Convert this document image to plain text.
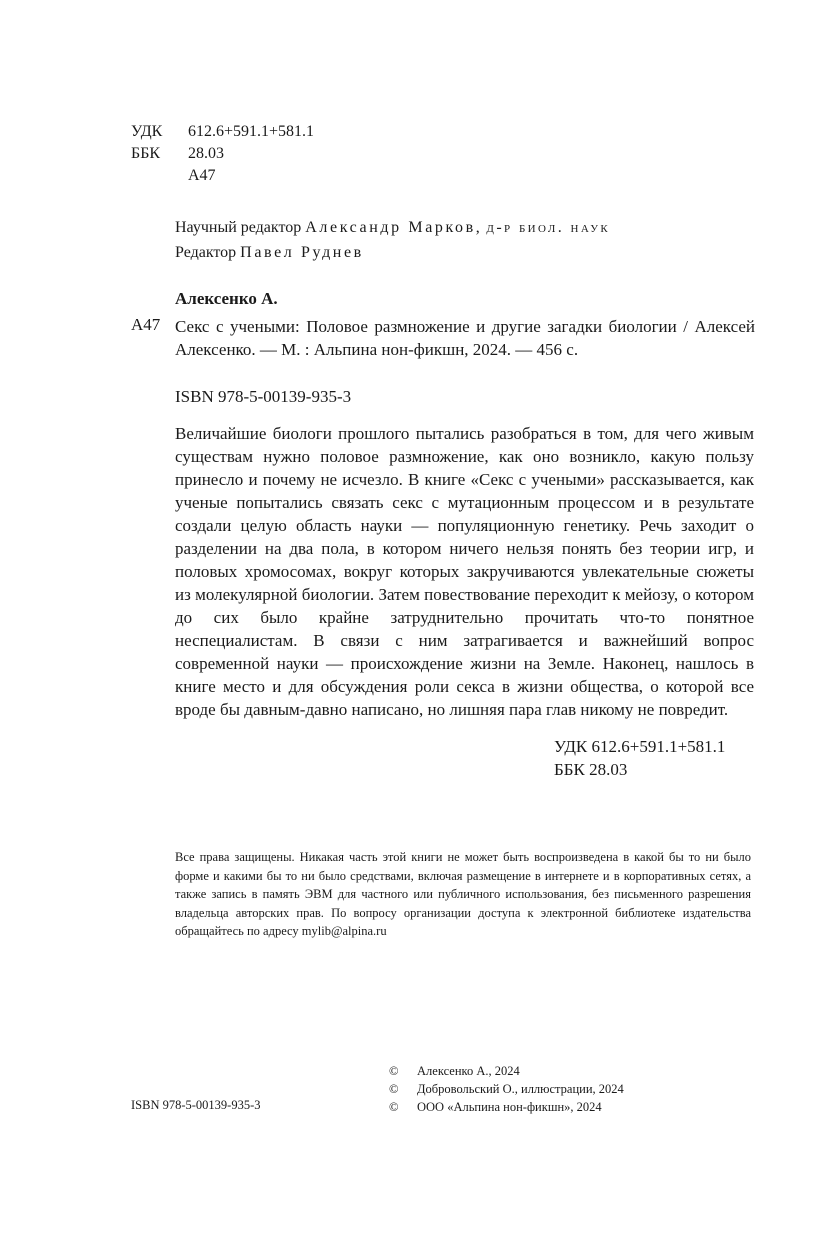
УДК 612.6+591.1+581.1
ББК 28.03
А47
Научный редактор Александр Марков, д-р биол. наук
Редактор Павел Руднев
Алексенко А.
А47 Секс с учеными: Половое размножение и другие загадки биологии / Алексей Алексенко. — М. : Альпина нон-фикшн, 2024. — 456 с.
ISBN 978-5-00139-935-3
Величайшие биологи прошлого пытались разобраться в том, для чего живым существам нужно половое размножение, как оно возникло, какую пользу принесло и почему не исчезло. В книге «Секс с учеными» рассказывается, как ученые попытались связать секс с мутационным процессом и в результате создали целую область науки — популяционную генетику. Речь заходит о разделении на два пола, в котором ничего нельзя понять без теории игр, и половых хромосомах, вокруг которых закручиваются увлекательные сюжеты из молекулярной биологии. Затем повествование переходит к мейозу, о котором до сих было крайне затруднительно прочитать что-то понятное неспециалистам. В связи с ним затрагивается и важнейший вопрос современной науки — происхождение жизни на Земле. Наконец, нашлось в книге место и для обсуждения роли секса в жизни общества, о которой все вроде бы давным-давно написано, но лишняя пара глав никому не повредит.
УДК 612.6+591.1+581.1
ББК 28.03
Все права защищены. Никакая часть этой книги не может быть воспроизведена в какой бы то ни было форме и какими бы то ни было средствами, включая размещение в интернете и в корпоративных сетях, а также запись в память ЭВМ для частного или публичного использования, без письменного разрешения владельца авторских прав. По вопросу организации доступа к электронной библиотеке издательства обращайтесь по адресу mylib@alpina.ru
© Алексенко А., 2024
© Добровольский О., иллюстрации, 2024
© ООО «Альпина нон-фикшн», 2024
ISBN 978-5-00139-935-3
